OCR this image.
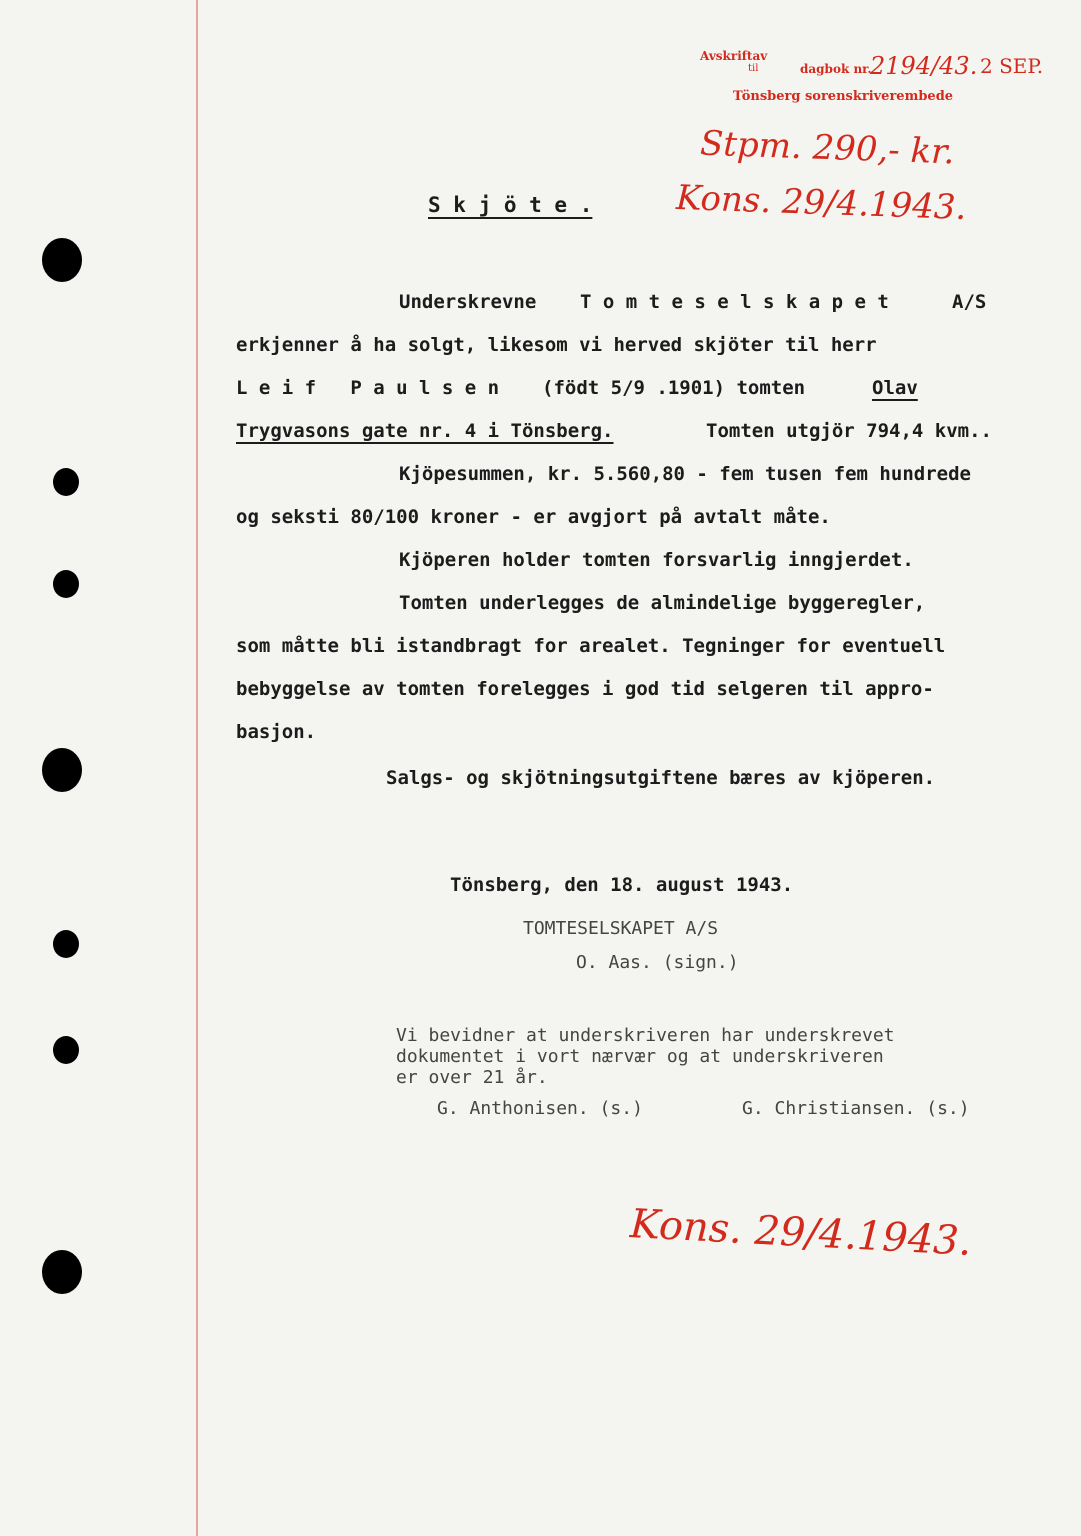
Avskriftav
til	dagbok nr.
2194/43. 2 SEP.
Tönsberg sorenskriverembede
Stpm. 290,- kr.
Kons. 29/4.1943.
S k j ö t e .
Underskrevne T o m t e s e l s k a p e t	A/S
erkjenner å ha solgt, likesom vi herved skjöter til herr
L e i f   P a u l s e n (födt 5/9 .1901) tomten	Olav
Trygvasons gate nr. 4 i Tönsberg.	Tomten utgjör 794,4 kvm..
Kjöpesummen, kr. 5.560,80 - fem tusen fem hundrede
og seksti 80/100 kroner - er avgjort på avtalt måte.
Kjöperen holder tomten forsvarlig inngjerdet.
Tomten underlegges de almindelige byggeregler,
som måtte bli istandbragt for arealet. Tegninger for eventuell
bebyggelse av tomten forelegges i god tid selgeren til appro-
basjon.
Salgs- og skjötningsutgiftene bæres av kjöperen.
Tönsberg, den 18. august 1943.
TOMTESELSKAPET A/S
O. Aas. (sign.)
Vi bevidner at underskriveren har underskrevet
dokumentet i vort nærvær og at underskriveren
er over 21 år.
G. Anthonisen. (s.)	G. Christiansen. (s.)
Kons. 29/4.1943.
